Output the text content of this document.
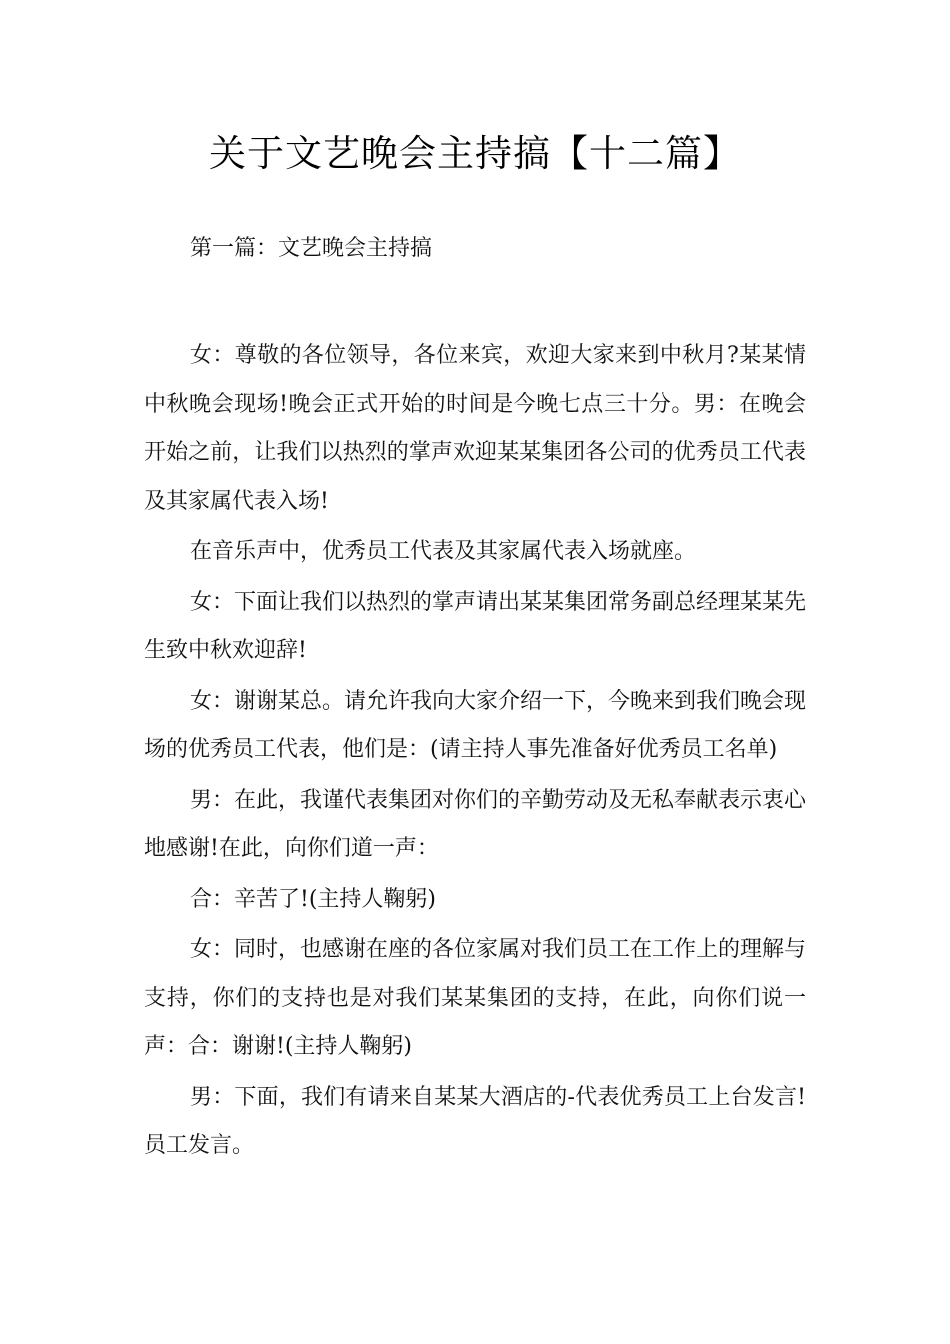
关于文艺晚会主持搞【十二篇】

第一篇：文艺晚会主持搞

女：尊敬的各位领导，各位来宾，欢迎大家来到中秋月?某某情中秋晚会现场!晚会正式开始的时间是今晚七点三十分。男：在晚会开始之前，让我们以热烈的掌声欢迎某某集团各公司的优秀员工代表及其家属代表入场!

在音乐声中，优秀员工代表及其家属代表入场就座。

女：下面让我们以热烈的掌声请出某某集团常务副总经理某某先生致中秋欢迎辞!

女：谢谢某总。请允许我向大家介绍一下，今晚来到我们晚会现场的优秀员工代表，他们是：(请主持人事先准备好优秀员工名单)

男：在此，我谨代表集团对你们的辛勤劳动及无私奉献表示衷心地感谢!在此，向你们道一声：

合：辛苦了!(主持人鞠躬)

女：同时，也感谢在座的各位家属对我们员工在工作上的理解与支持，你们的支持也是对我们某某集团的支持，在此，向你们说一声：合：谢谢!(主持人鞠躬)

男：下面，我们有请来自某某大酒店的-代表优秀员工上台发言!员工发言。
